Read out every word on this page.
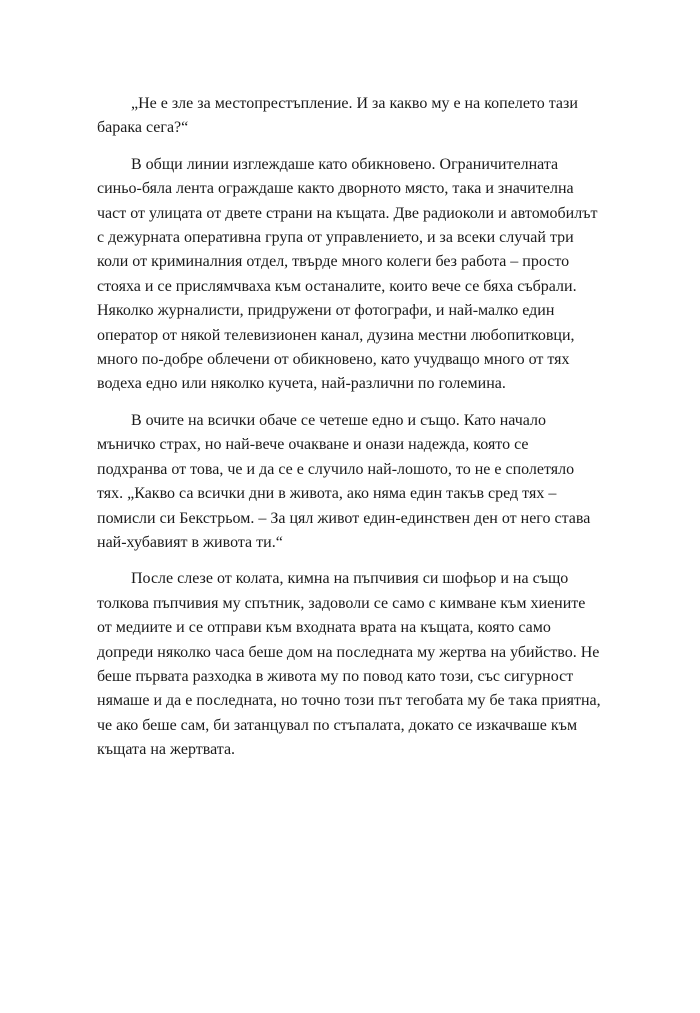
„Не е зле за местопрестъпление. И за какво му е на копелето тази
барака сега?“
В общи линии изглеждаше като обикновено. Ограничителната
синьо-бяла лента ограждаше както дворното място, така и значителна
част от улицата от двете страни на къщата. Две радиоколи и автомобилът
с дежурната оперативна група от управлението, и за всеки случай три
коли от криминалния отдел, твърде много колеги без работа – просто
стояха и се прислямчваха към останалите, които вече се бяха събрали.
Няколко журналисти, придружени от фотографи, и най-малко един
оператор от някой телевизионен канал, дузина местни любопитковци,
много по-добре облечени от обикновено, като учудващо много от тях
водеха едно или няколко кучета, най-различни по големина.
В очите на всички обаче се четеше едно и също. Като начало
мъничко страх, но най-вече очакване и онази надежда, която се
подхранва от това, че и да се е случило най-лошото, то не е сполетяло
тях. „Какво са всички дни в живота, ако няма един такъв сред тях –
помисли си Бекстрьом. – За цял живот един-единствен ден от него става
най-хубавият в живота ти.“
После слезе от колата, кимна на пъпчивия си шофьор и на също
толкова пъпчивия му спътник, задоволи се само с кимване към хиените
от медиите и се отправи към входната врата на къщата, която само
допреди няколко часа беше дом на последната му жертва на убийство. Не
беше първата разходка в живота му по повод като този, със сигурност
нямаше и да е последната, но точно този път тегобата му бе така приятна,
че ако беше сам, би затанцувал по стъпалата, докато се изкачваше към
къщата на жертвата.
